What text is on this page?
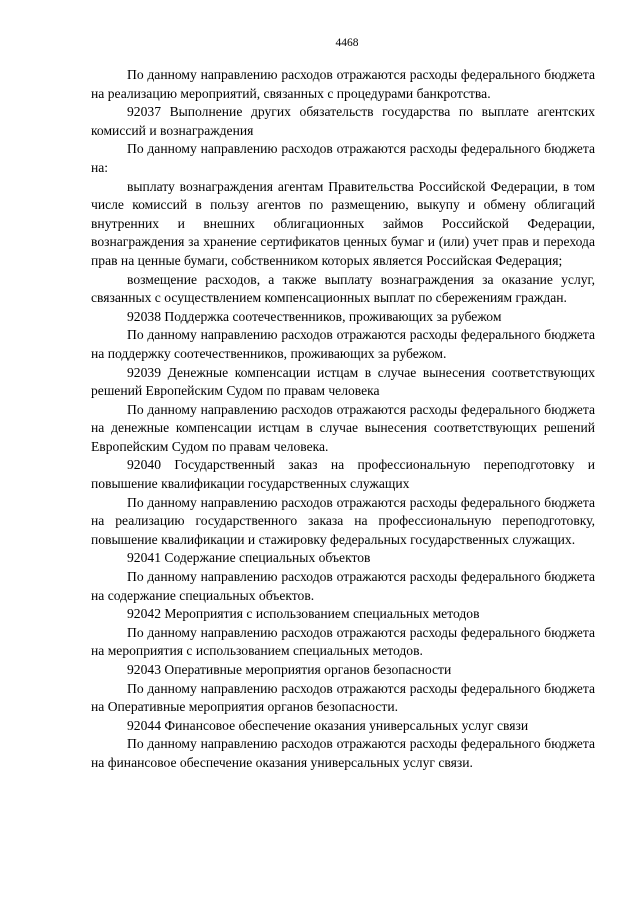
4468

По данному направлению расходов отражаются расходы федерального бюджета на реализацию мероприятий, связанных с процедурами банкротства.

92037 Выполнение других обязательств государства по выплате агентских комиссий и вознаграждения

По данному направлению расходов отражаются расходы федерального бюджета на:

выплату вознаграждения агентам Правительства Российской Федерации, в том числе комиссий в пользу агентов по размещению, выкупу и обмену облигаций внутренних и внешних облигационных займов Российской Федерации, вознаграждения за хранение сертификатов ценных бумаг и (или) учет прав и перехода прав на ценные бумаги, собственником которых является Российская Федерация;

возмещение расходов, а также выплату вознаграждения за оказание услуг, связанных с осуществлением компенсационных выплат по сбережениям граждан.

92038 Поддержка соотечественников, проживающих за рубежом

По данному направлению расходов отражаются расходы федерального бюджета на поддержку соотечественников, проживающих за рубежом.

92039 Денежные компенсации истцам в случае вынесения соответствующих решений Европейским Судом по правам человека

По данному направлению расходов отражаются расходы федерального бюджета на денежные компенсации истцам в случае вынесения соответствующих решений Европейским Судом по правам человека.

92040 Государственный заказ на профессиональную переподготовку и повышение квалификации государственных служащих

По данному направлению расходов отражаются расходы федерального бюджета на реализацию государственного заказа на профессиональную переподготовку, повышение квалификации и стажировку федеральных государственных служащих.

92041 Содержание специальных объектов

По данному направлению расходов отражаются расходы федерального бюджета на содержание специальных объектов.

92042 Мероприятия с использованием специальных методов

По данному направлению расходов отражаются расходы федерального бюджета на мероприятия с использованием специальных методов.

92043 Оперативные мероприятия органов безопасности

По данному направлению расходов отражаются расходы федерального бюджета на Оперативные мероприятия органов безопасности.

92044 Финансовое обеспечение оказания универсальных услуг связи

По данному направлению расходов отражаются расходы федерального бюджета на финансовое обеспечение оказания универсальных услуг связи.
